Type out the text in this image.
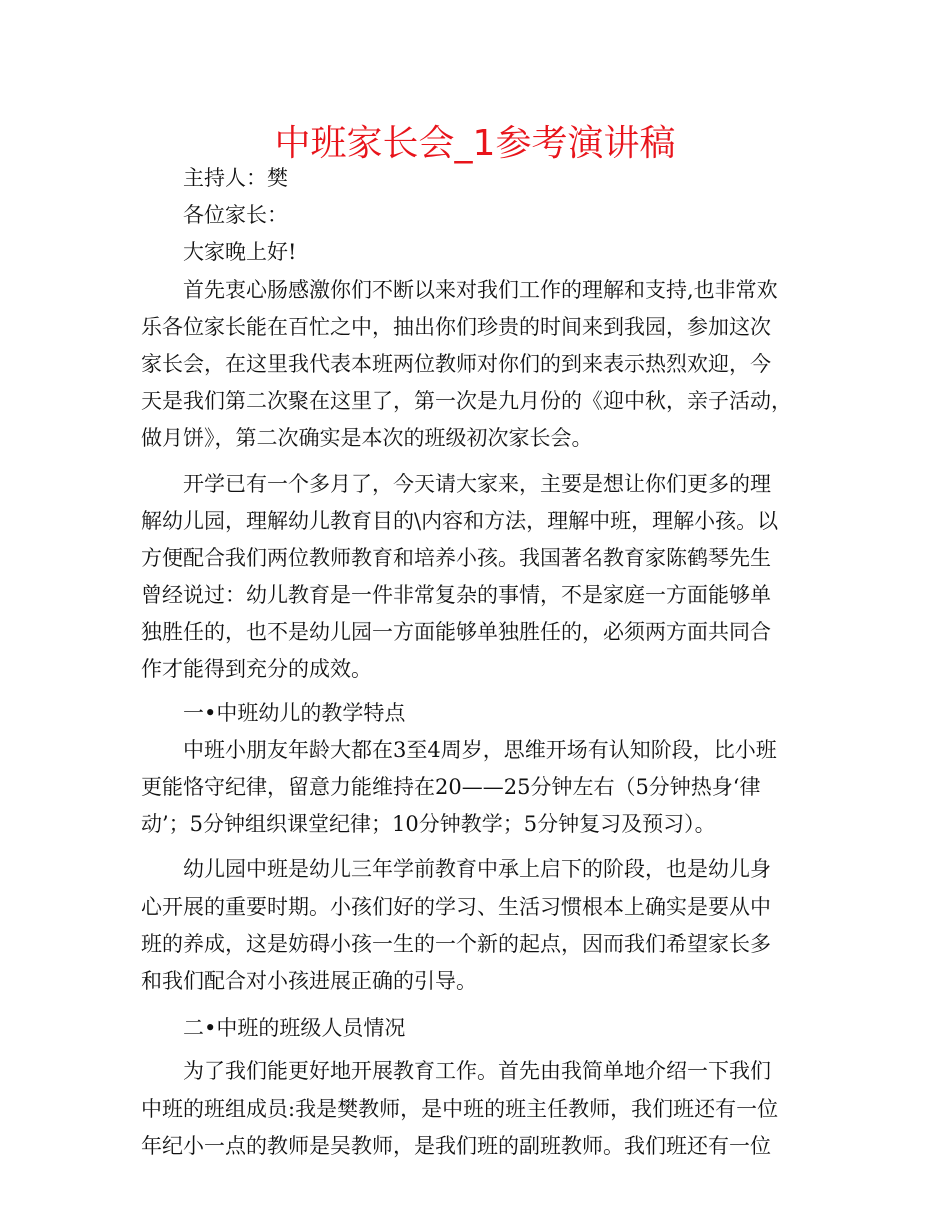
中班家长会_1参考演讲稿
主持人：樊
各位家长：
大家晚上好!
首先衷心肠感激你们不断以来对我们工作的理解和支持,也非常欢
乐各位家长能在百忙之中，抽出你们珍贵的时间来到我园，参加这次
家长会，在这里我代表本班两位教师对你们的到来表示热烈欢迎，今
天是我们第二次聚在这里了，第一次是九月份的《迎中秋，亲子活动，
做月饼》，第二次确实是本次的班级初次家长会。
开学已有一个多月了，今天请大家来，主要是想让你们更多的理
解幼儿园，理解幼儿教育目的\内容和方法，理解中班，理解小孩。以
方便配合我们两位教师教育和培养小孩。我国著名教育家陈鹤琴先生
曾经说过：幼儿教育是一件非常复杂的事情，不是家庭一方面能够单
独胜任的，也不是幼儿园一方面能够单独胜任的，必须两方面共同合
作才能得到充分的成效。
一•中班幼儿的教学特点
中班小朋友年龄大都在3至4周岁，思维开场有认知阶段，比小班
更能恪守纪律，留意力能维持在20——25分钟左右（5分钟热身‘律
动’；5分钟组织课堂纪律；10分钟教学；5分钟复习及预习）。
幼儿园中班是幼儿三年学前教育中承上启下的阶段，也是幼儿身
心开展的重要时期。小孩们好的学习、生活习惯根本上确实是要从中
班的养成，这是妨碍小孩一生的一个新的起点，因而我们希望家长多
和我们配合对小孩进展正确的引导。
二•中班的班级人员情况
为了我们能更好地开展教育工作。首先由我简单地介绍一下我们
中班的班组成员:我是樊教师，是中班的班主任教师，我们班还有一位
年纪小一点的教师是吴教师，是我们班的副班教师。我们班还有一位
